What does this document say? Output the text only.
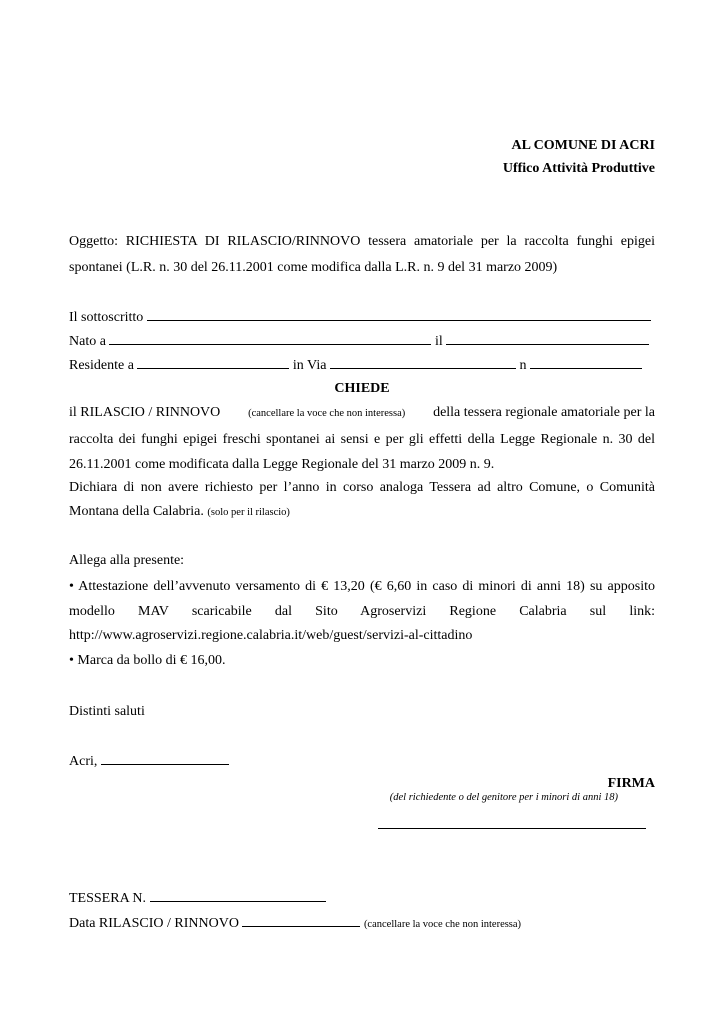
AL COMUNE DI ACRI
Uffico Attività Produttive
Oggetto: RICHIESTA DI RILASCIO/RINNOVO tessera amatoriale per la raccolta funghi epigei
spontanei (L.R. n. 30 del 26.11.2001 come modifica dalla L.R. n. 9 del 31 marzo 2009)
Il sottoscritto
Nato a	il
Residente a	in Via	n
CHIEDE
il RILASCIO / RINNOVO	(cancellare la voce che non interessa) della tessera regionale amatoriale per la
raccolta dei funghi epigei freschi spontanei ai sensi e per gli effetti della Legge Regionale n. 30 del
26.11.2001 come modificata dalla Legge Regionale del 31 marzo 2009 n. 9.
Dichiara di non avere richiesto per l’anno in corso analoga Tessera ad altro Comune, o Comunità
Montana della Calabria. (solo per il rilascio)
Allega alla presente:
• Attestazione dell’avvenuto versamento di € 13,20 (€ 6,60 in caso di minori di anni 18) su apposito
modello MAV scaricabile dal Sito Agroservizi Regione Calabria sul link:
http://www.agroservizi.regione.calabria.it/web/guest/servizi-al-cittadino
• Marca da bollo di € 16,00.
Distinti saluti
Acri,
FIRMA
(del richiedente o del genitore per i minori di anni 18)
TESSERA N.
Data RILASCIO / RINNOVO	(cancellare la voce che non interessa)
